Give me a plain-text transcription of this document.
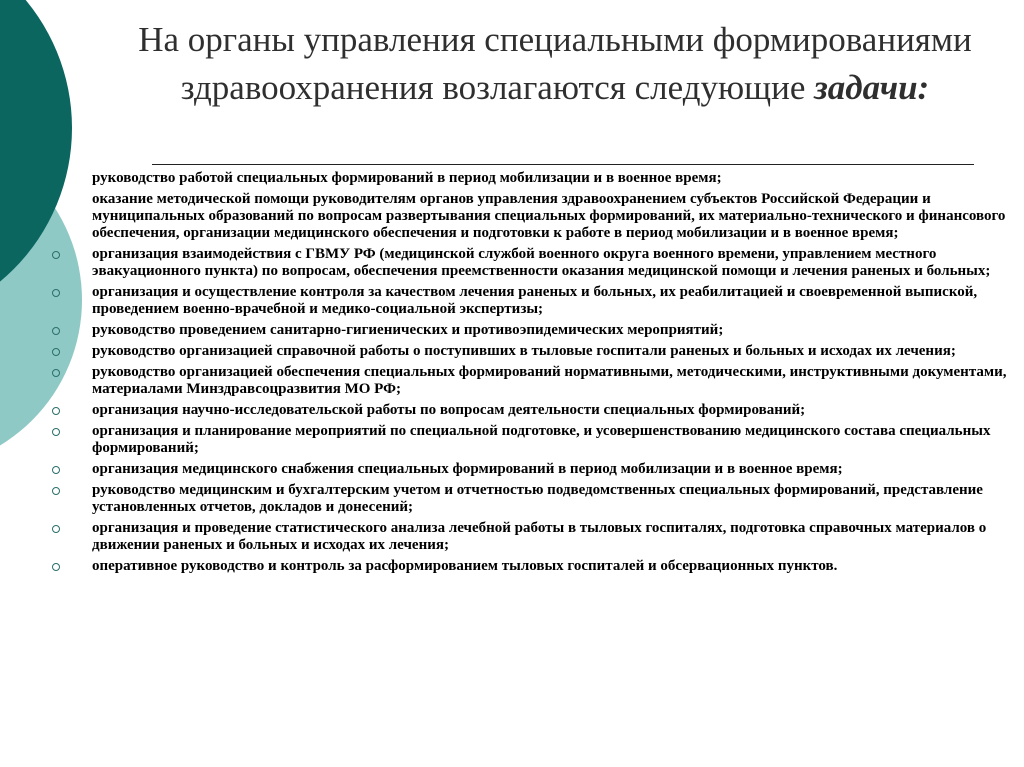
На органы управления специальными формированиями здравоохранения возлагаются следующие задачи:
руководство работой специальных формирований в период мобилизации и в военное время;
оказание методической помощи руководителям органов управления здравоохранением субъектов Российской Федерации и муниципальных образований по вопросам развертывания специальных формирований, их материально-технического и финансового обеспечения, организации медицинского обеспечения и подготовки к работе в период мобилизации и в военное время;
организация взаимодействия с ГВМУ РФ (медицинской службой военного округа военного времени, управлением местного эвакуационного пункта) по вопросам, обеспечения преемственности оказания медицинской помощи и лечения раненых и больных;
организация и осуществление контроля за качеством лечения раненых и больных, их реабилитацией и своевременной выпиской, проведением военно-врачебной и медико-социальной экспертизы;
руководство проведением санитарно-гигиенических и противоэпидемических мероприятий;
руководство организацией справочной работы о поступивших в тыловые госпитали раненых и больных и исходах их лечения;
руководство организацией обеспечения специальных формирований нормативными, методическими, инструктивными документами, материалами Минздравсоцразвития МО РФ;
организация научно-исследовательской работы по вопросам деятельности специальных формирований;
организация и планирование мероприятий по специальной подготовке, и усовершенствованию медицинского состава специальных формирований;
организация медицинского снабжения специальных формирований в период мобилизации и в военное время;
руководство медицинским и бухгалтерским учетом и отчетностью подведомственных специальных формирований, представление установленных отчетов, докладов и донесений;
организация и проведение статистического анализа лечебной работы в тыловых госпиталях, подготовка справочных материалов о движении раненых и больных и исходах их лечения;
оперативное руководство и контроль за расформированием тыловых госпиталей и обсервационных пунктов.
